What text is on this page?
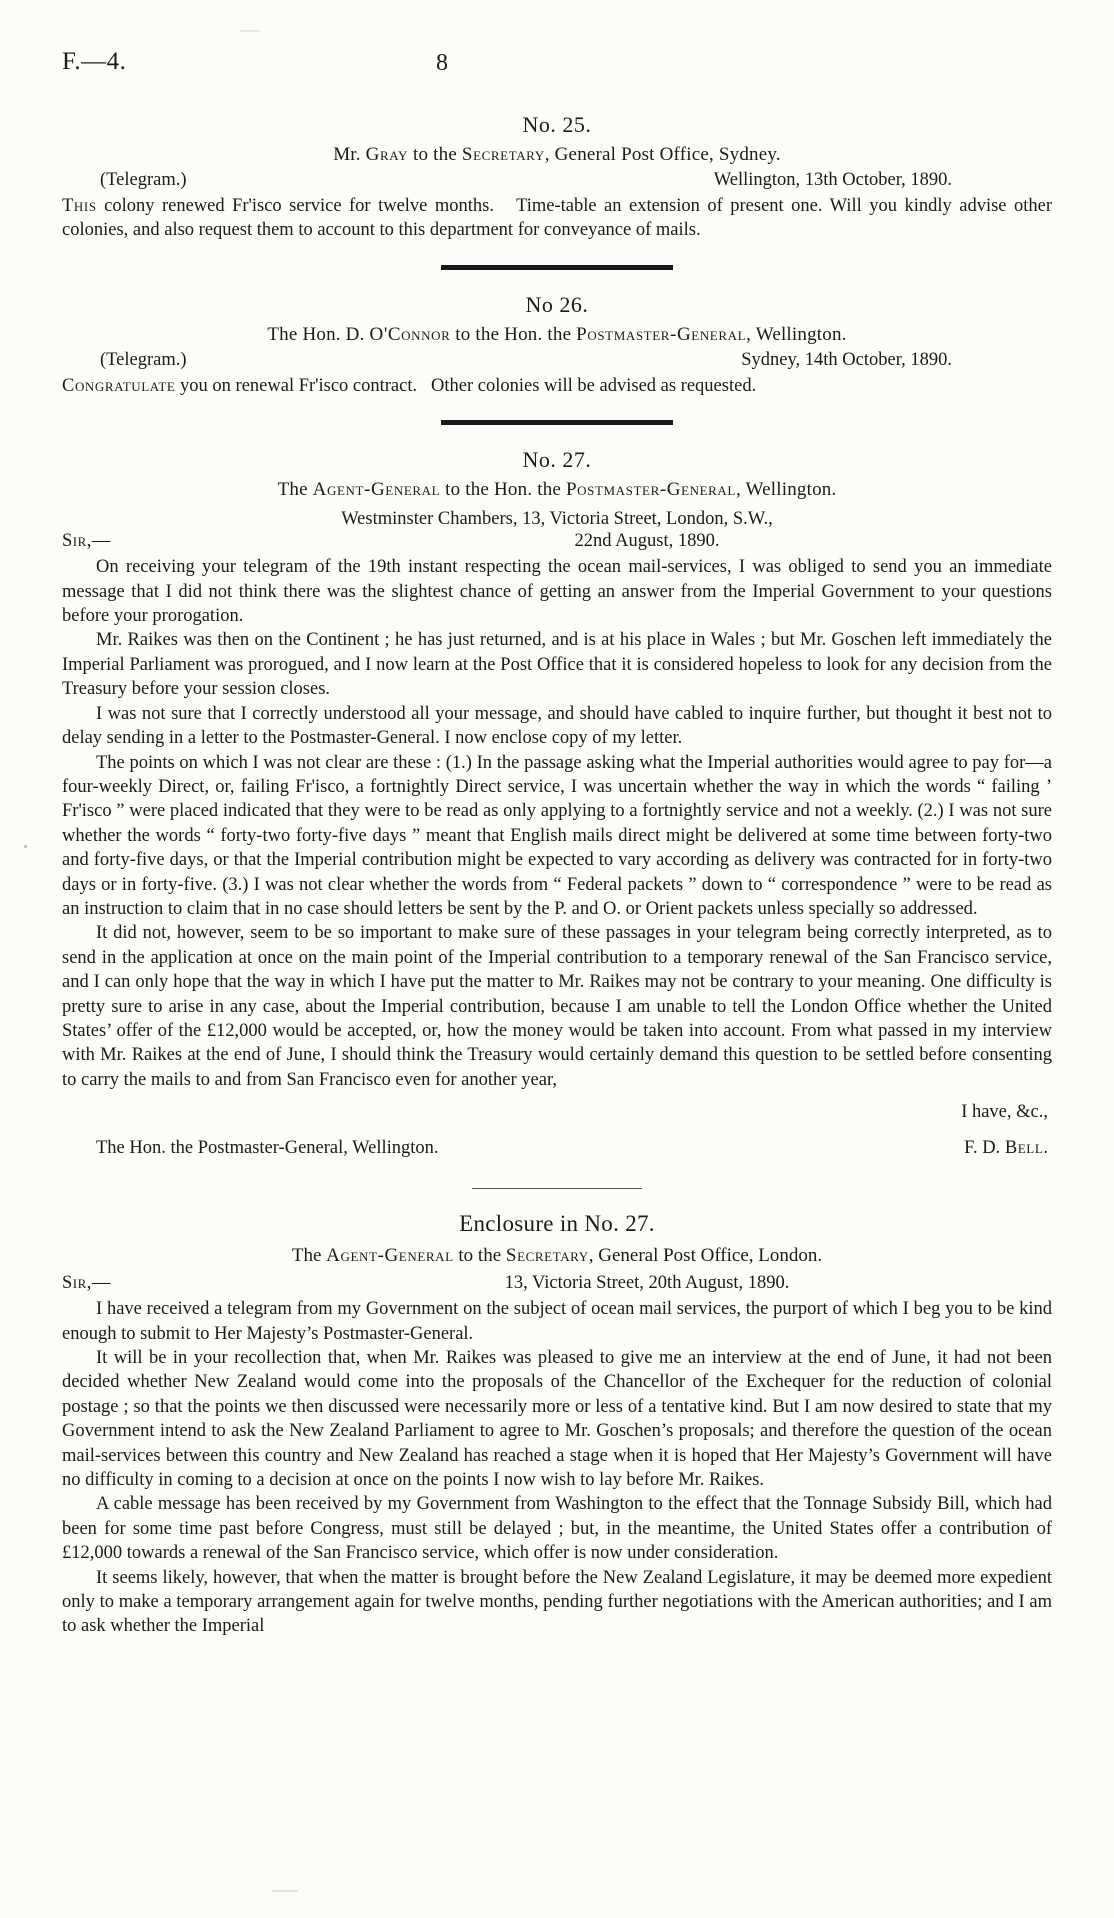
F.—4.	8
No. 25.
Mr. Gray to the Secretary, General Post Office, Sydney.
(Telegram.)	Wellington, 13th October, 1890.

This colony renewed Fr'isco service for twelve months.   Time-table an extension of present one. Will you kindly advise other colonies, and also request them to account to this department for conveyance of mails.

No 26.
The Hon. D. O'Connor to the Hon. the Postmaster-General, Wellington.
(Telegram.)	Sydney, 14th October, 1890.

Congratulate you on renewal Fr'isco contract.   Other colonies will be advised as requested.

No. 27.
The Agent-General to the Hon. the Postmaster-General, Wellington.
Westminster Chambers, 13, Victoria Street, London, S.W.,
Sir,—	22nd August, 1890.

On receiving your telegram of the 19th instant respecting the ocean mail-services, I was obliged to send you an immediate message that I did not think there was the slightest chance of getting an answer from the Imperial Government to your questions before your prorogation.

Mr. Raikes was then on the Continent ; he has just returned, and is at his place in Wales ; but Mr. Goschen left immediately the Imperial Parliament was prorogued, and I now learn at the Post Office that it is considered hopeless to look for any decision from the Treasury before your session closes.

I was not sure that I correctly understood all your message, and should have cabled to inquire further, but thought it best not to delay sending in a letter to the Postmaster-General. I now enclose copy of my letter.

The points on which I was not clear are these : (1.) In the passage asking what the Imperial authorities would agree to pay for—a four-weekly Direct, or, failing Fr'isco, a fortnightly Direct service, I was uncertain whether the way in which the words “ failing ’ Fr'isco ” were placed indicated that they were to be read as only applying to a fortnightly service and not a weekly. (2.) I was not sure whether the words “ forty-two forty-five days ” meant that English mails direct might be delivered at some time between forty-two and forty-five days, or that the Imperial contribution might be expected to vary according as delivery was contracted for in forty-two days or in forty-five. (3.) I was not clear whether the words from “ Federal packets ” down to “ correspondence ” were to be read as an instruction to claim that in no case should letters be sent by the P. and O. or Orient packets unless specially so addressed.

It did not, however, seem to be so important to make sure of these passages in your telegram being correctly interpreted, as to send in the application at once on the main point of the Imperial contribution to a temporary renewal of the San Francisco service, and I can only hope that the way in which I have put the matter to Mr. Raikes may not be contrary to your meaning. One difficulty is pretty sure to arise in any case, about the Imperial contribution, because I am unable to tell the London Office whether the United States’ offer of the £12,000 would be accepted, or, how the money would be taken into account. From what passed in my interview with Mr. Raikes at the end of June, I should think the Treasury would certainly demand this question to be settled before consenting to carry the mails to and from San Francisco even for another year,

I have, &c.,
The Hon. the Postmaster-General, Wellington.	F. D. Bell.
Enclosure in No. 27.
The Agent-General to the Secretary, General Post Office, London.
Sir,—	13, Victoria Street, 20th August, 1890.

I have received a telegram from my Government on the subject of ocean mail services, the purport of which I beg you to be kind enough to submit to Her Majesty’s Postmaster-General.

It will be in your recollection that, when Mr. Raikes was pleased to give me an interview at the end of June, it had not been decided whether New Zealand would come into the proposals of the Chancellor of the Exchequer for the reduction of colonial postage ; so that the points we then discussed were necessarily more or less of a tentative kind. But I am now desired to state that my Government intend to ask the New Zealand Parliament to agree to Mr. Goschen’s proposals; and therefore the question of the ocean mail-services between this country and New Zealand has reached a stage when it is hoped that Her Majesty’s Government will have no difficulty in coming to a decision at once on the points I now wish to lay before Mr. Raikes.

A cable message has been received by my Government from Washington to the effect that the Tonnage Subsidy Bill, which had been for some time past before Congress, must still be delayed ; but, in the meantime, the United States offer a contribution of £12,000 towards a renewal of the San Francisco service, which offer is now under consideration.

It seems likely, however, that when the matter is brought before the New Zealand Legislature, it may be deemed more expedient only to make a temporary arrangement again for twelve months, pending further negotiations with the American authorities; and I am to ask whether the Imperial
